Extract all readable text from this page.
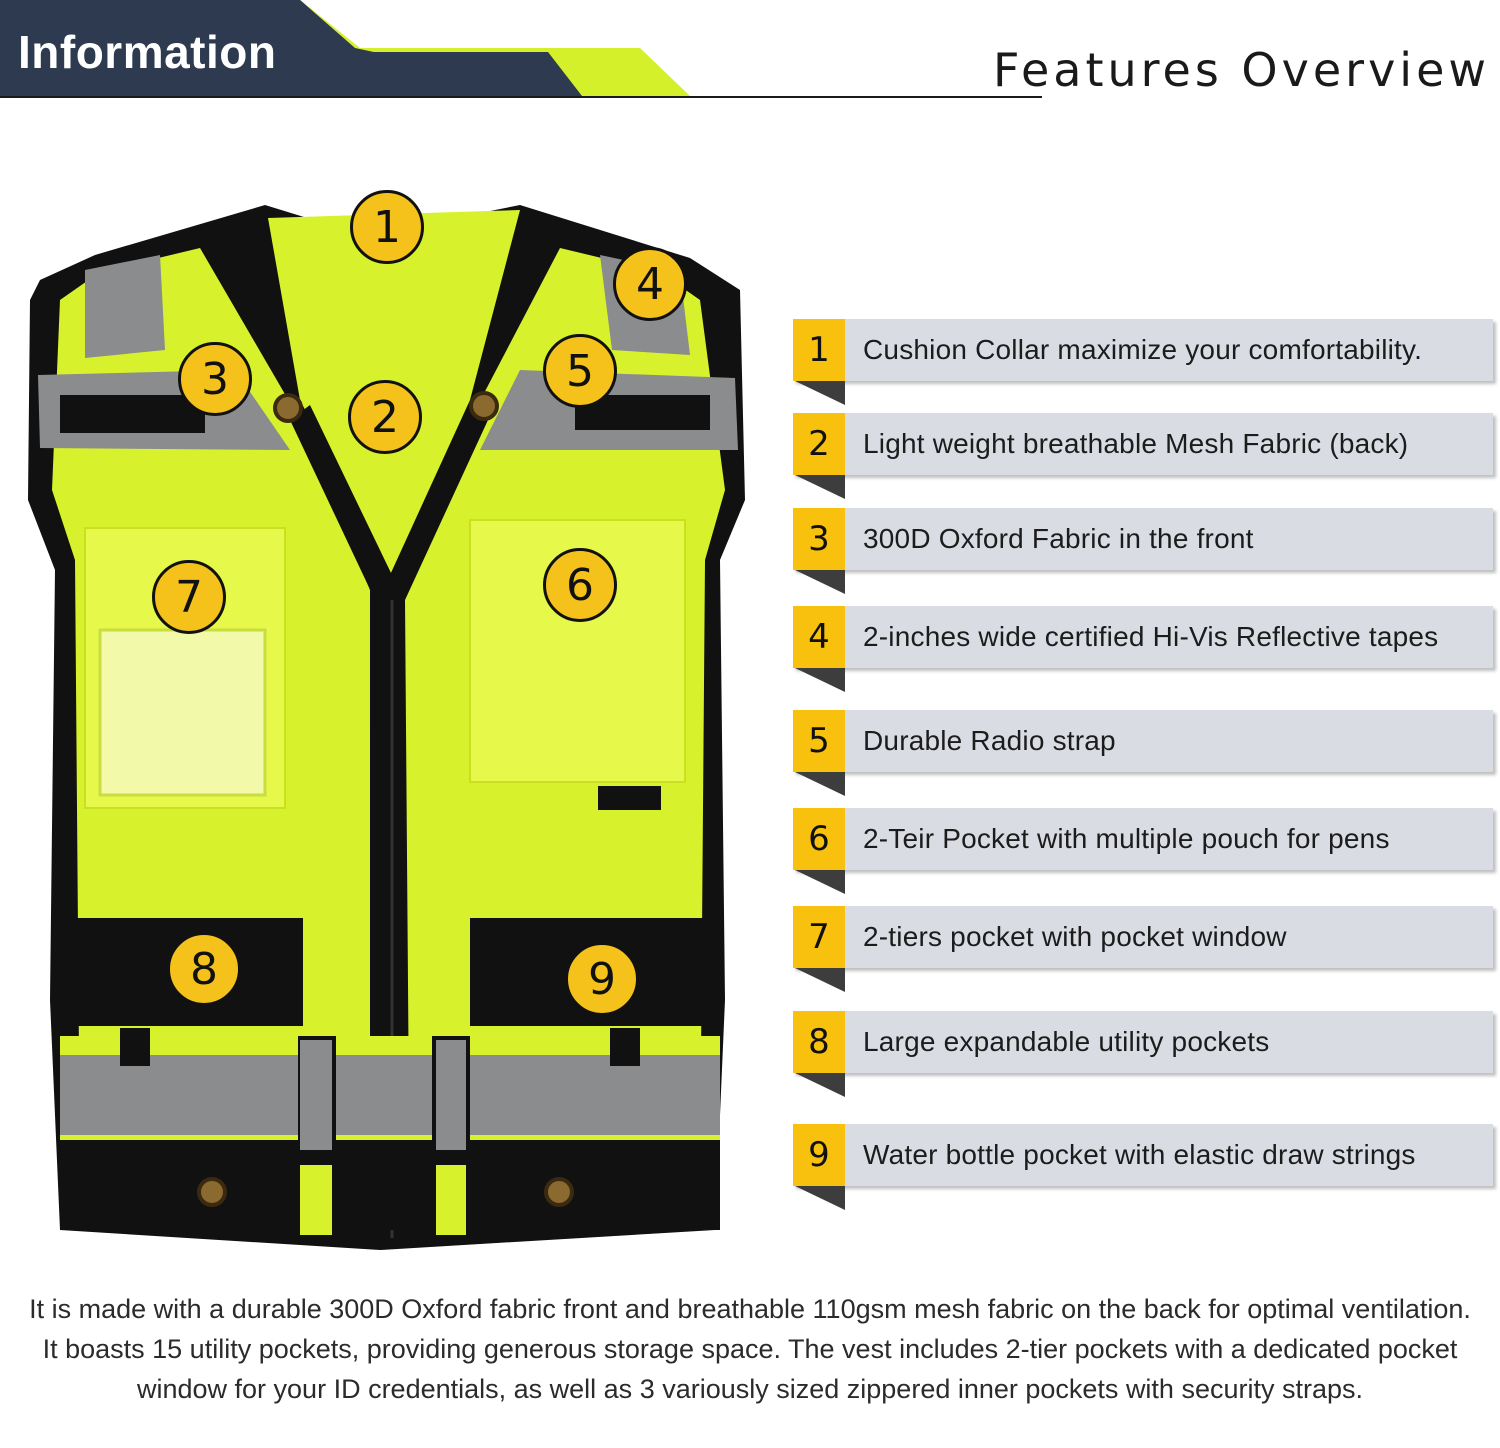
Information	Features Overview
1
2
3
4
5
6
7
8	9
1	Cushion Collar maximize your comfortability.
2	Light weight breathable Mesh Fabric (back)
3	300D Oxford Fabric in the front
4	2-inches wide certified Hi-Vis Reflective tapes
5	Durable Radio strap
6	2-Teir Pocket with multiple pouch for pens
7	2-tiers pocket with pocket window
8	Large expandable utility pockets
9	Water bottle pocket with elastic draw strings
It is made with a durable 300D Oxford fabric front and breathable 110gsm mesh fabric on the back for optimal ventilation. It boasts 15 utility pockets, providing generous storage space. The vest includes 2-tier pockets with a dedicated pocket window for your ID credentials, as well as 3 variously sized zippered inner pockets with security straps.
